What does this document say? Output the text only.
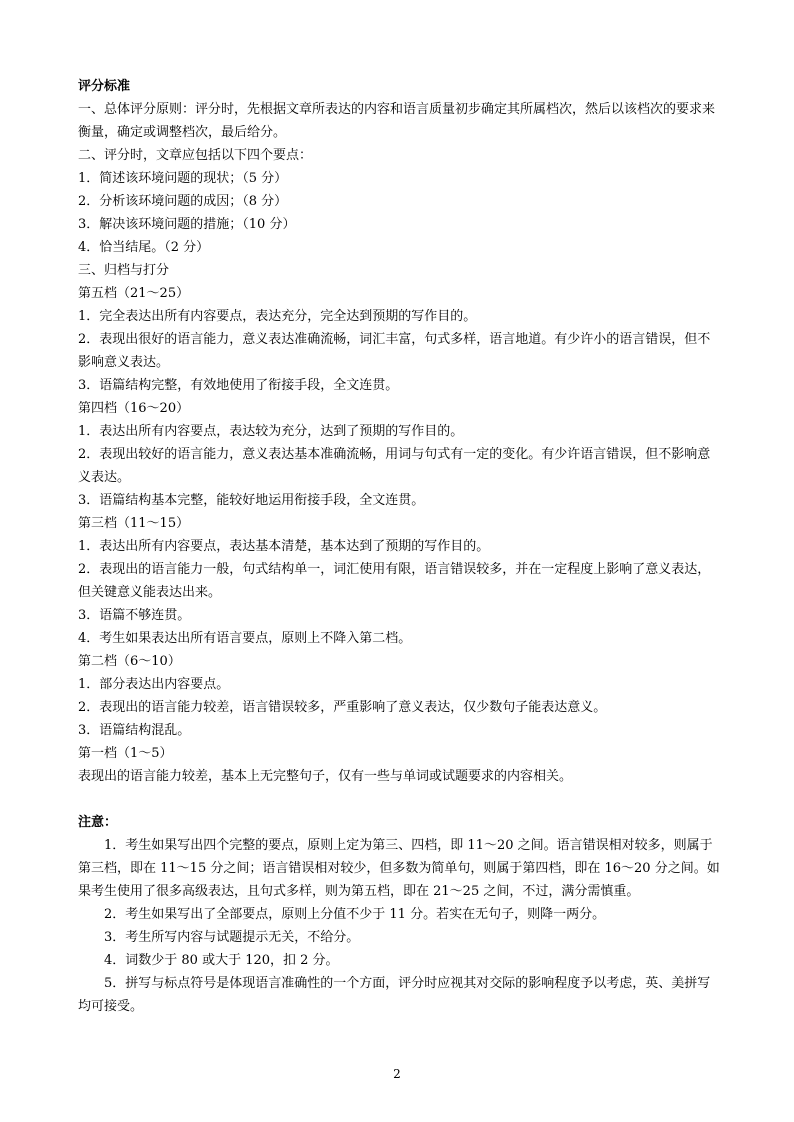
评分标准

一、总体评分原则：评分时，先根据文章所表达的内容和语言质量初步确定其所属档次，然后以该档次的要求来衡量，确定或调整档次，最后给分。

二、评分时，文章应包括以下四个要点：

1．简述该环境问题的现状；（5 分）

2．分析该环境问题的成因；（8 分）

3．解决该环境问题的措施；（10 分）

4．恰当结尾。（2 分）

三、归档与打分

第五档（21～25）

1．完全表达出所有内容要点，表达充分，完全达到预期的写作目的。

2．表现出很好的语言能力，意义表达准确流畅，词汇丰富，句式多样，语言地道。有少许小的语言错误，但不影响意义表达。

3．语篇结构完整，有效地使用了衔接手段，全文连贯。

第四档（16～20）

1．表达出所有内容要点，表达较为充分，达到了预期的写作目的。

2．表现出较好的语言能力，意义表达基本准确流畅，用词与句式有一定的变化。有少许语言错误，但不影响意义表达。

3．语篇结构基本完整，能较好地运用衔接手段，全文连贯。

第三档（11～15）

1．表达出所有内容要点，表达基本清楚，基本达到了预期的写作目的。

2．表现出的语言能力一般，句式结构单一，词汇使用有限，语言错误较多，并在一定程度上影响了意义表达，但关键意义能表达出来。

3．语篇不够连贯。

4．考生如果表达出所有语言要点，原则上不降入第二档。

第二档（6～10）

1．部分表达出内容要点。

2．表现出的语言能力较差，语言错误较多，严重影响了意义表达，仅少数句子能表达意义。

3．语篇结构混乱。

第一档（1～5）

表现出的语言能力较差，基本上无完整句子，仅有一些与单词或试题要求的内容相关。

注意：

1．考生如果写出四个完整的要点，原则上定为第三、四档，即 11～20 之间。语言错误相对较多，则属于第三档，即在 11～15 分之间；语言错误相对较少，但多数为简单句，则属于第四档，即在 16～20 分之间。如果考生使用了很多高级表达，且句式多样，则为第五档，即在 21～25 之间，不过，满分需慎重。

2．考生如果写出了全部要点，原则上分值不少于 11 分。若实在无句子，则降一两分。

3．考生所写内容与试题提示无关，不给分。

4．词数少于 80 或大于 120，扣 2 分。

5．拼写与标点符号是体现语言准确性的一个方面，评分时应视其对交际的影响程度予以考虑，英、美拼写均可接受。

2
